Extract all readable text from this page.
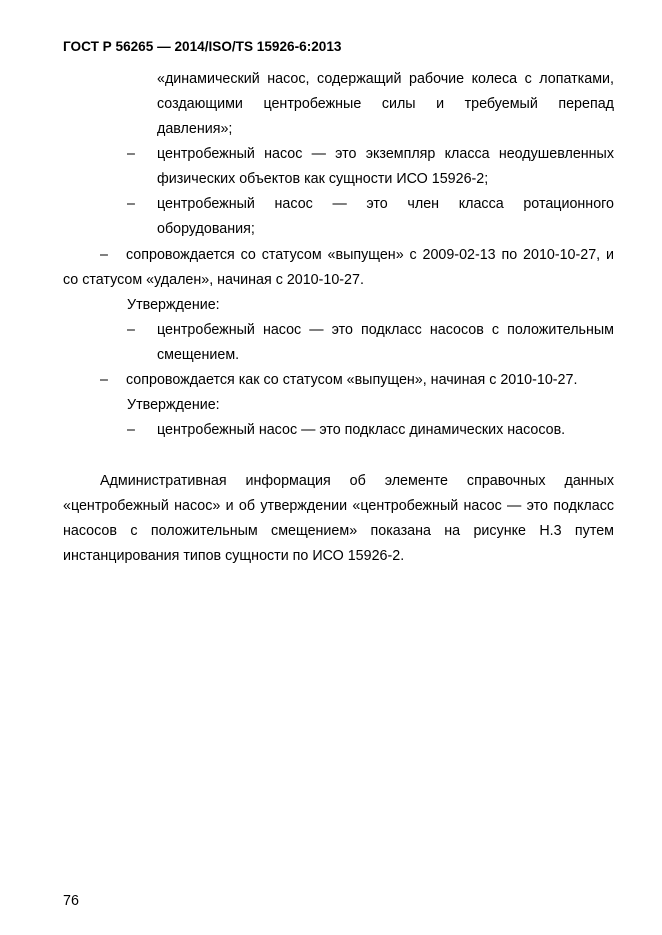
ГОСТ Р 56265 — 2014/ISO/TS 15926-6:2013
«динамический насос, содержащий рабочие колеса с лопатками,
создающими центробежные силы и требуемый перепад
давления»;
– центробежный насос — это экземпляр класса неодушевленных
физических объектов как сущности ИСО 15926-2;
– центробежный насос — это член класса ротационного
оборудования;
– сопровождается со статусом «выпущен» с 2009-02-13 по 2010-10-27, и
со статусом «удален», начиная с 2010-10-27.
Утверждение:
– центробежный насос — это подкласс насосов с положительным
смещением.
– сопровождается как со статусом «выпущен», начиная с 2010-10-27.
Утверждение:
– центробежный насос — это подкласс динамических насосов.
Административная информация об элементе справочных данных
«центробежный насос» и об утверждении «центробежный насос — это подкласс
насосов с положительным смещением» показана на рисунке Н.3 путем
инстанцирования типов сущности по ИСО 15926-2.
76
